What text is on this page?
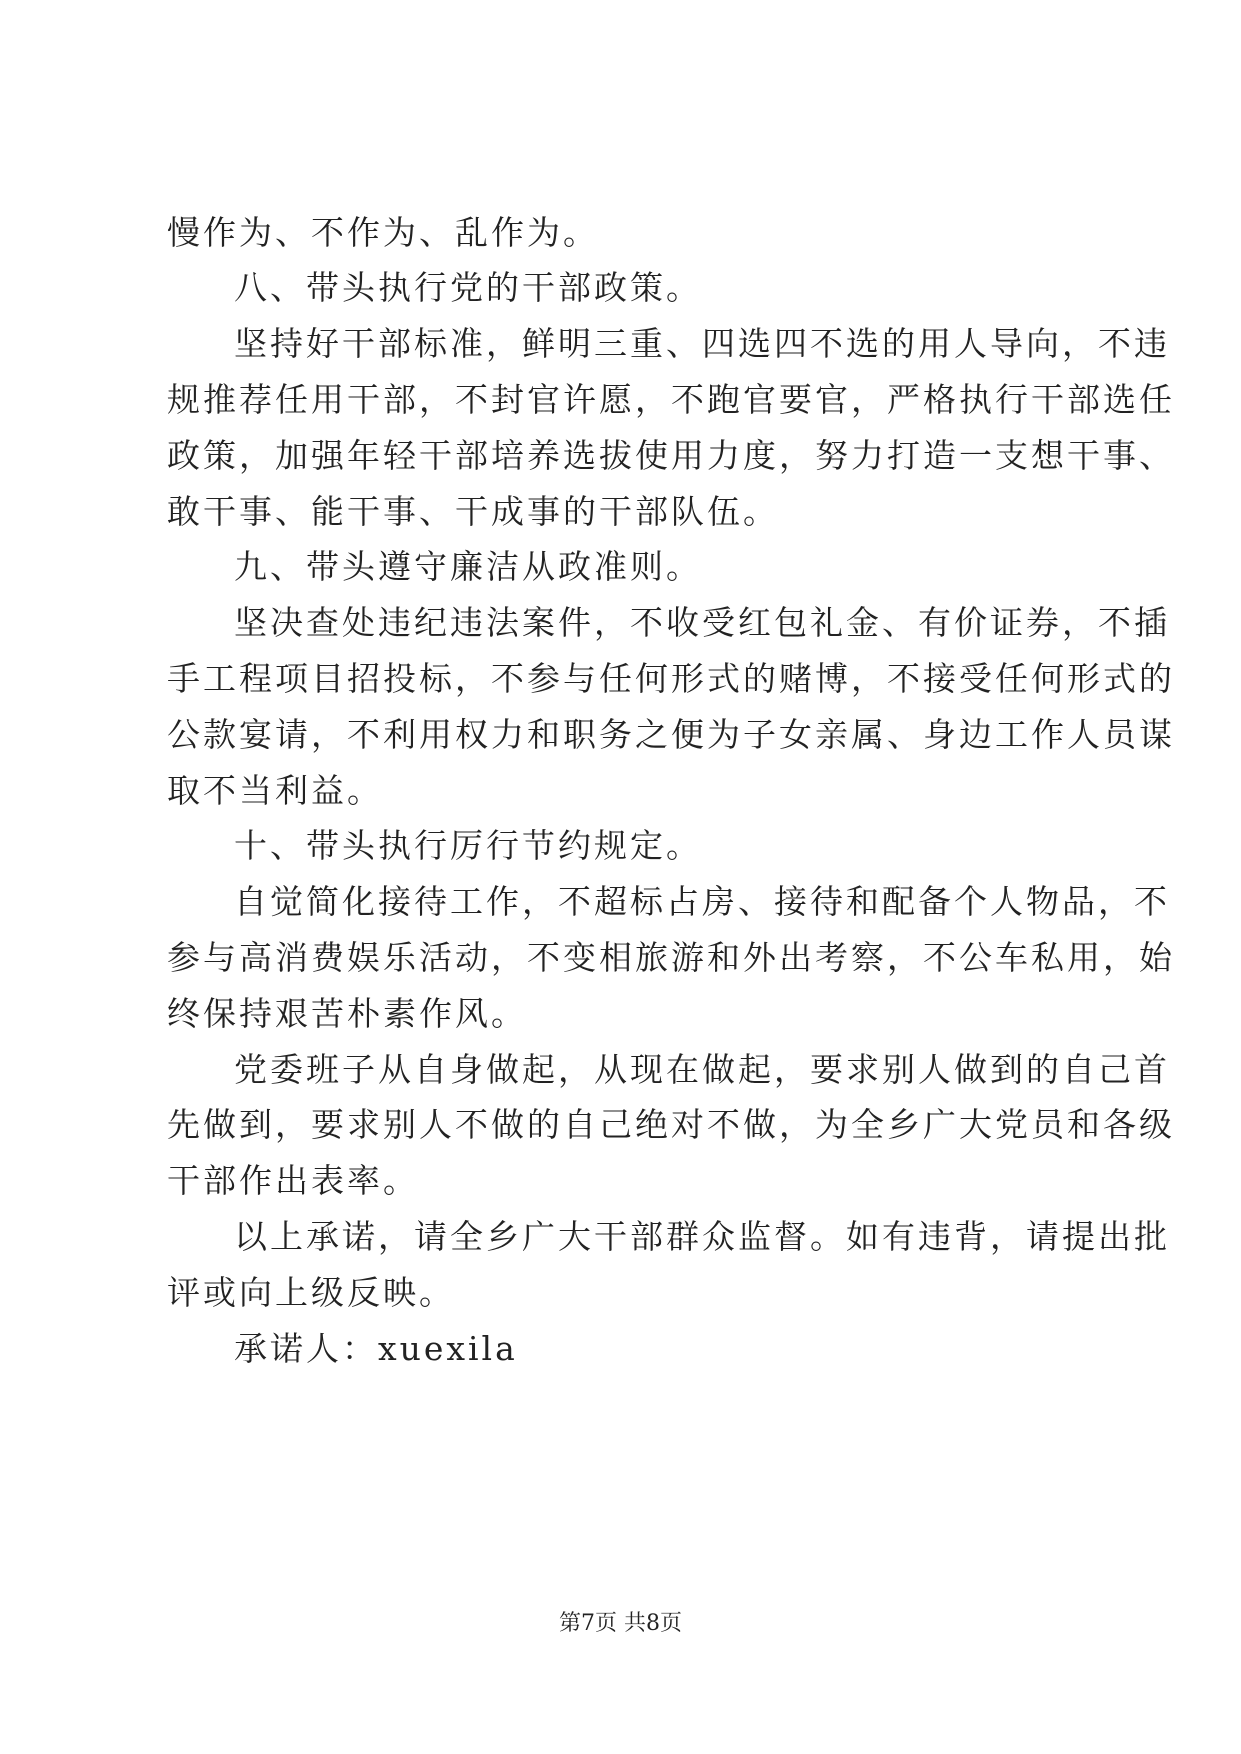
慢作为、不作为、乱作为。
八、带头执行党的干部政策。
坚持好干部标准，鲜明三重、四选四不选的用人导向，不违
规推荐任用干部，不封官许愿，不跑官要官，严格执行干部选任
政策，加强年轻干部培养选拔使用力度，努力打造一支想干事、
敢干事、能干事、干成事的干部队伍。
九、带头遵守廉洁从政准则。
坚决查处违纪违法案件，不收受红包礼金、有价证券，不插
手工程项目招投标，不参与任何形式的赌博，不接受任何形式的
公款宴请，不利用权力和职务之便为子女亲属、身边工作人员谋
取不当利益。
十、带头执行厉行节约规定。
自觉简化接待工作，不超标占房、接待和配备个人物品，不
参与高消费娱乐活动，不变相旅游和外出考察，不公车私用，始
终保持艰苦朴素作风。
党委班子从自身做起，从现在做起，要求别人做到的自己首
先做到，要求别人不做的自己绝对不做，为全乡广大党员和各级
干部作出表率。
以上承诺，请全乡广大干部群众监督。如有违背，请提出批
评或向上级反映。
承诺人：xuexila
第7页 共8页
